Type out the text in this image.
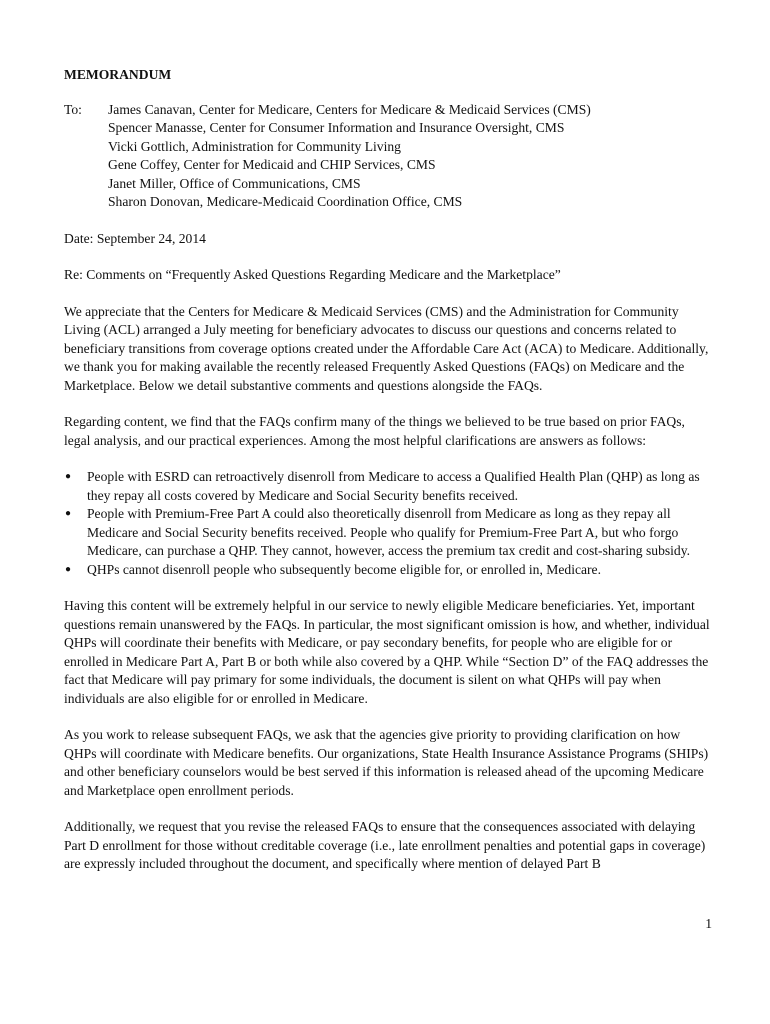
MEMORANDUM

To:	James Canavan, Center for Medicare, Centers for Medicare & Medicaid Services (CMS)
Spencer Manasse, Center for Consumer Information and Insurance Oversight, CMS
Vicki Gottlich, Administration for Community Living
Gene Coffey, Center for Medicaid and CHIP Services, CMS
Janet Miller, Office of Communications, CMS
Sharon Donovan, Medicare-Medicaid Coordination Office, CMS

Date: September 24, 2014

Re: Comments on “Frequently Asked Questions Regarding Medicare and the Marketplace”

We appreciate that the Centers for Medicare & Medicaid Services (CMS) and the Administration for Community Living (ACL) arranged a July meeting for beneficiary advocates to discuss our questions and concerns related to beneficiary transitions from coverage options created under the Affordable Care Act (ACA) to Medicare. Additionally, we thank you for making available the recently released Frequently Asked Questions (FAQs) on Medicare and the Marketplace. Below we detail substantive comments and questions alongside the FAQs.

Regarding content, we find that the FAQs confirm many of the things we believed to be true based on prior FAQs, legal analysis, and our practical experiences. Among the most helpful clarifications are answers as follows:

●	People with ESRD can retroactively disenroll from Medicare to access a Qualified Health Plan (QHP) as long as they repay all costs covered by Medicare and Social Security benefits received.
●	People with Premium-Free Part A could also theoretically disenroll from Medicare as long as they repay all Medicare and Social Security benefits received. People who qualify for Premium-Free Part A, but who forgo Medicare, can purchase a QHP. They cannot, however, access the premium tax credit and cost-sharing subsidy.
●	QHPs cannot disenroll people who subsequently become eligible for, or enrolled in, Medicare.

Having this content will be extremely helpful in our service to newly eligible Medicare beneficiaries. Yet, important questions remain unanswered by the FAQs. In particular, the most significant omission is how, and whether, individual QHPs will coordinate their benefits with Medicare, or pay secondary benefits, for people who are eligible for or enrolled in Medicare Part A, Part B or both while also covered by a QHP. While “Section D” of the FAQ addresses the fact that Medicare will pay primary for some individuals, the document is silent on what QHPs will pay when individuals are also eligible for or enrolled in Medicare.

As you work to release subsequent FAQs, we ask that the agencies give priority to providing clarification on how QHPs will coordinate with Medicare benefits. Our organizations, State Health Insurance Assistance Programs (SHIPs) and other beneficiary counselors would be best served if this information is released ahead of the upcoming Medicare and Marketplace open enrollment periods.

Additionally, we request that you revise the released FAQs to ensure that the consequences associated with delaying Part D enrollment for those without creditable coverage (i.e., late enrollment penalties and potential gaps in coverage) are expressly included throughout the document, and specifically where mention of delayed Part B

1
